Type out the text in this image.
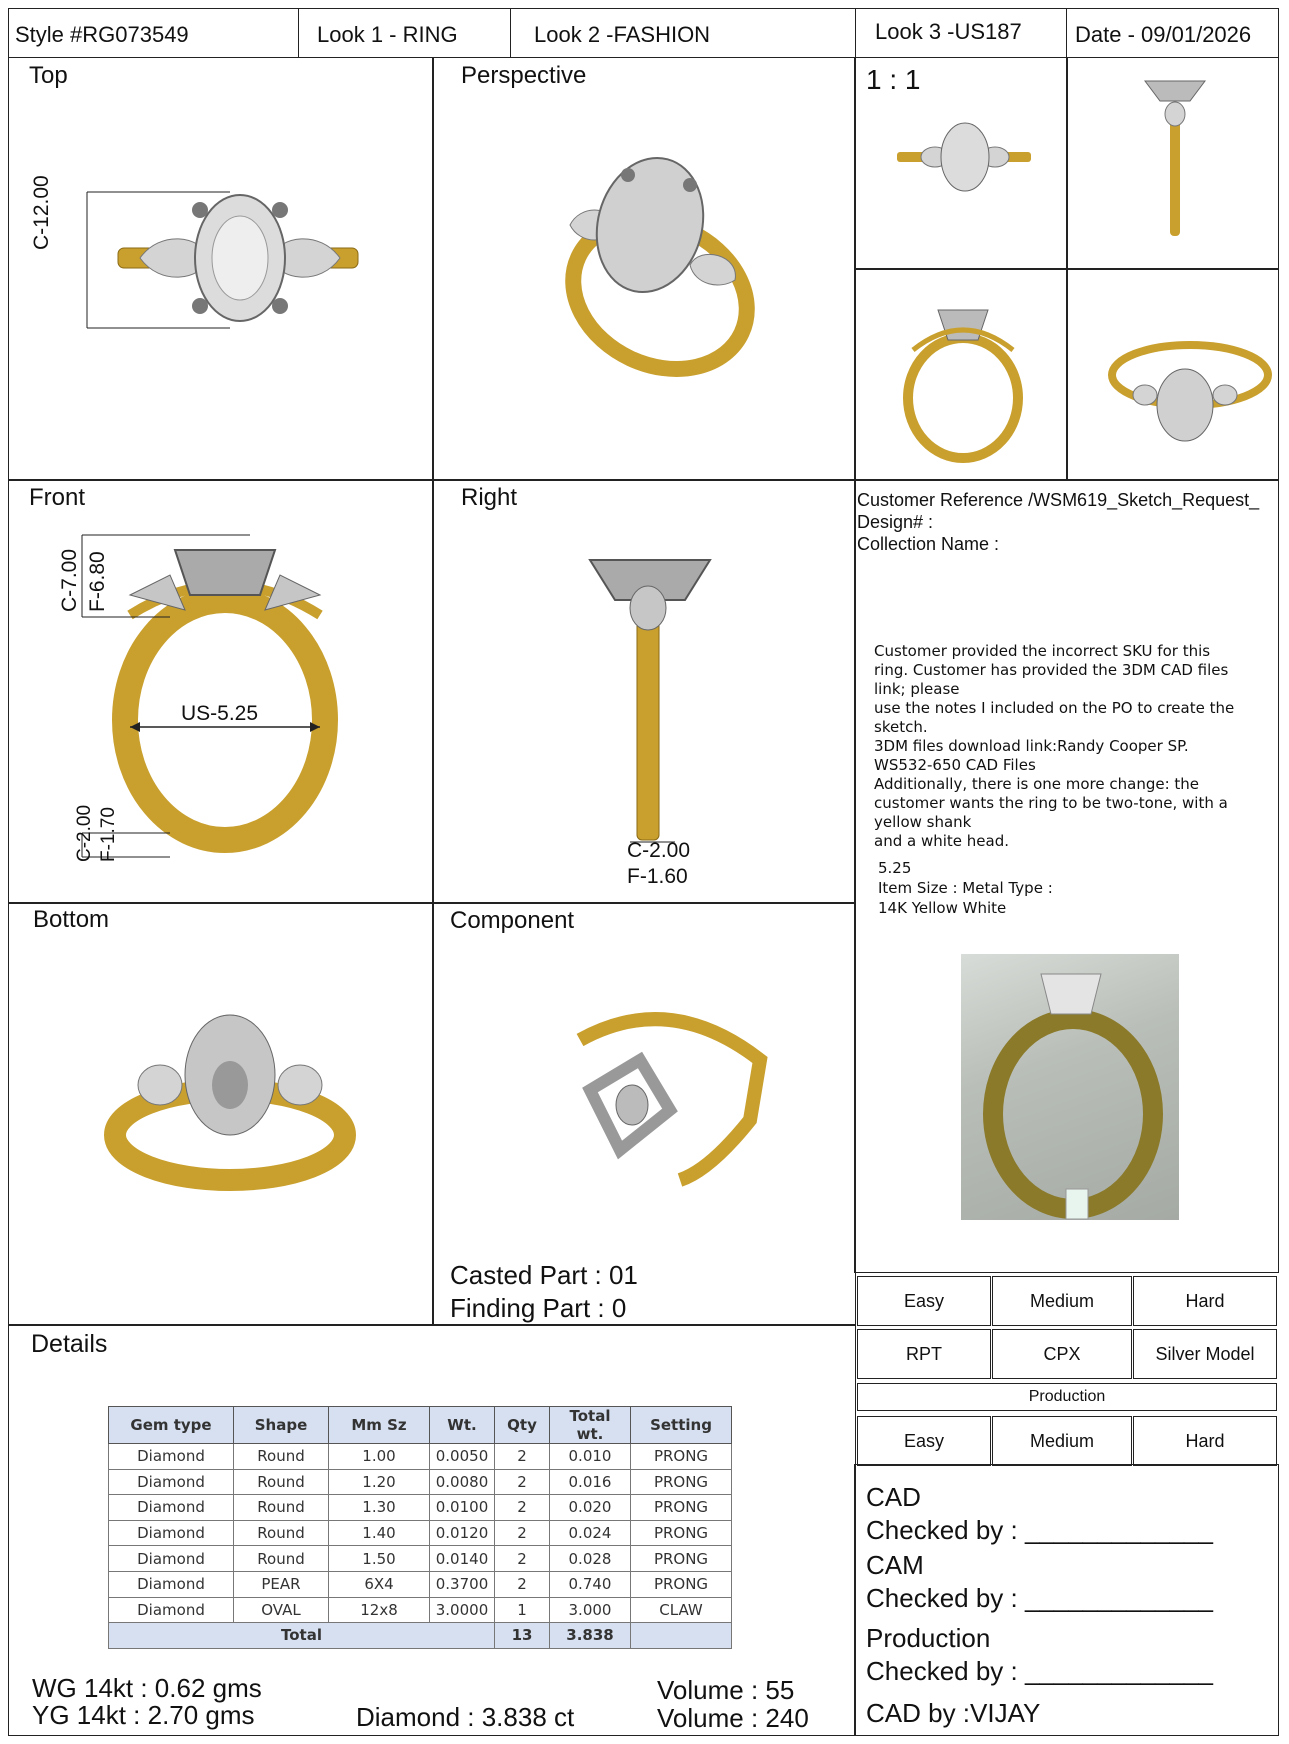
Style #RG073549	Look 1 - RING	Look 2 -FASHION	Look 3 -US187 Date - 09/01/2026
Top	Perspective	1 : 1
Front	Right
Bottom	Component
C-12.00
C-7.00 F-6.80
US-5.25
C-2.00 F-1.70	C-2.00
F-1.60
Casted Part : 01
Finding Part : 0
Customer Reference /WSM619_Sketch_Request_
Design# :
Collection Name :
Customer provided the incorrect SKU for this
ring. Customer has provided the 3DM CAD files
link; please
use the notes I included on the PO to create the
sketch.
3DM files download link:Randy Cooper SP.
WS532-650 CAD Files
Additionally, there is one more change: the
customer wants the ring to be two-tone, with a
yellow shank
and a white head.
5.25
Item Size : Metal Type :
14K Yellow White
Easy	Medium	Hard
RPT	CPX	Silver Model
Production
Easy	Medium	Hard
CAD
Checked by : _____________
CAM
Checked by : _____________
Production
Checked by : _____________
CAD by :VIJAY
Details
Gem type	Shape	Mm Sz	Wt.	Qty	Total wt.	Setting
Diamond	Round	1.00	0.0050	2	0.010	PRONG
Diamond	Round	1.20	0.0080	2	0.016	PRONG
Diamond	Round	1.30	0.0100	2	0.020	PRONG
Diamond	Round	1.40	0.0120	2	0.024	PRONG
Diamond	Round	1.50	0.0140	2	0.028	PRONG
Diamond	PEAR	6X4	0.3700	2	0.740	PRONG
Diamond	OVAL	12x8	3.0000	1	3.000	CLAW
Total				13	3.838	
WG 14kt : 0.62 gms
YG 14kt : 2.70 gms	Diamond : 3.838 ct
Volume : 55
Volume : 240
